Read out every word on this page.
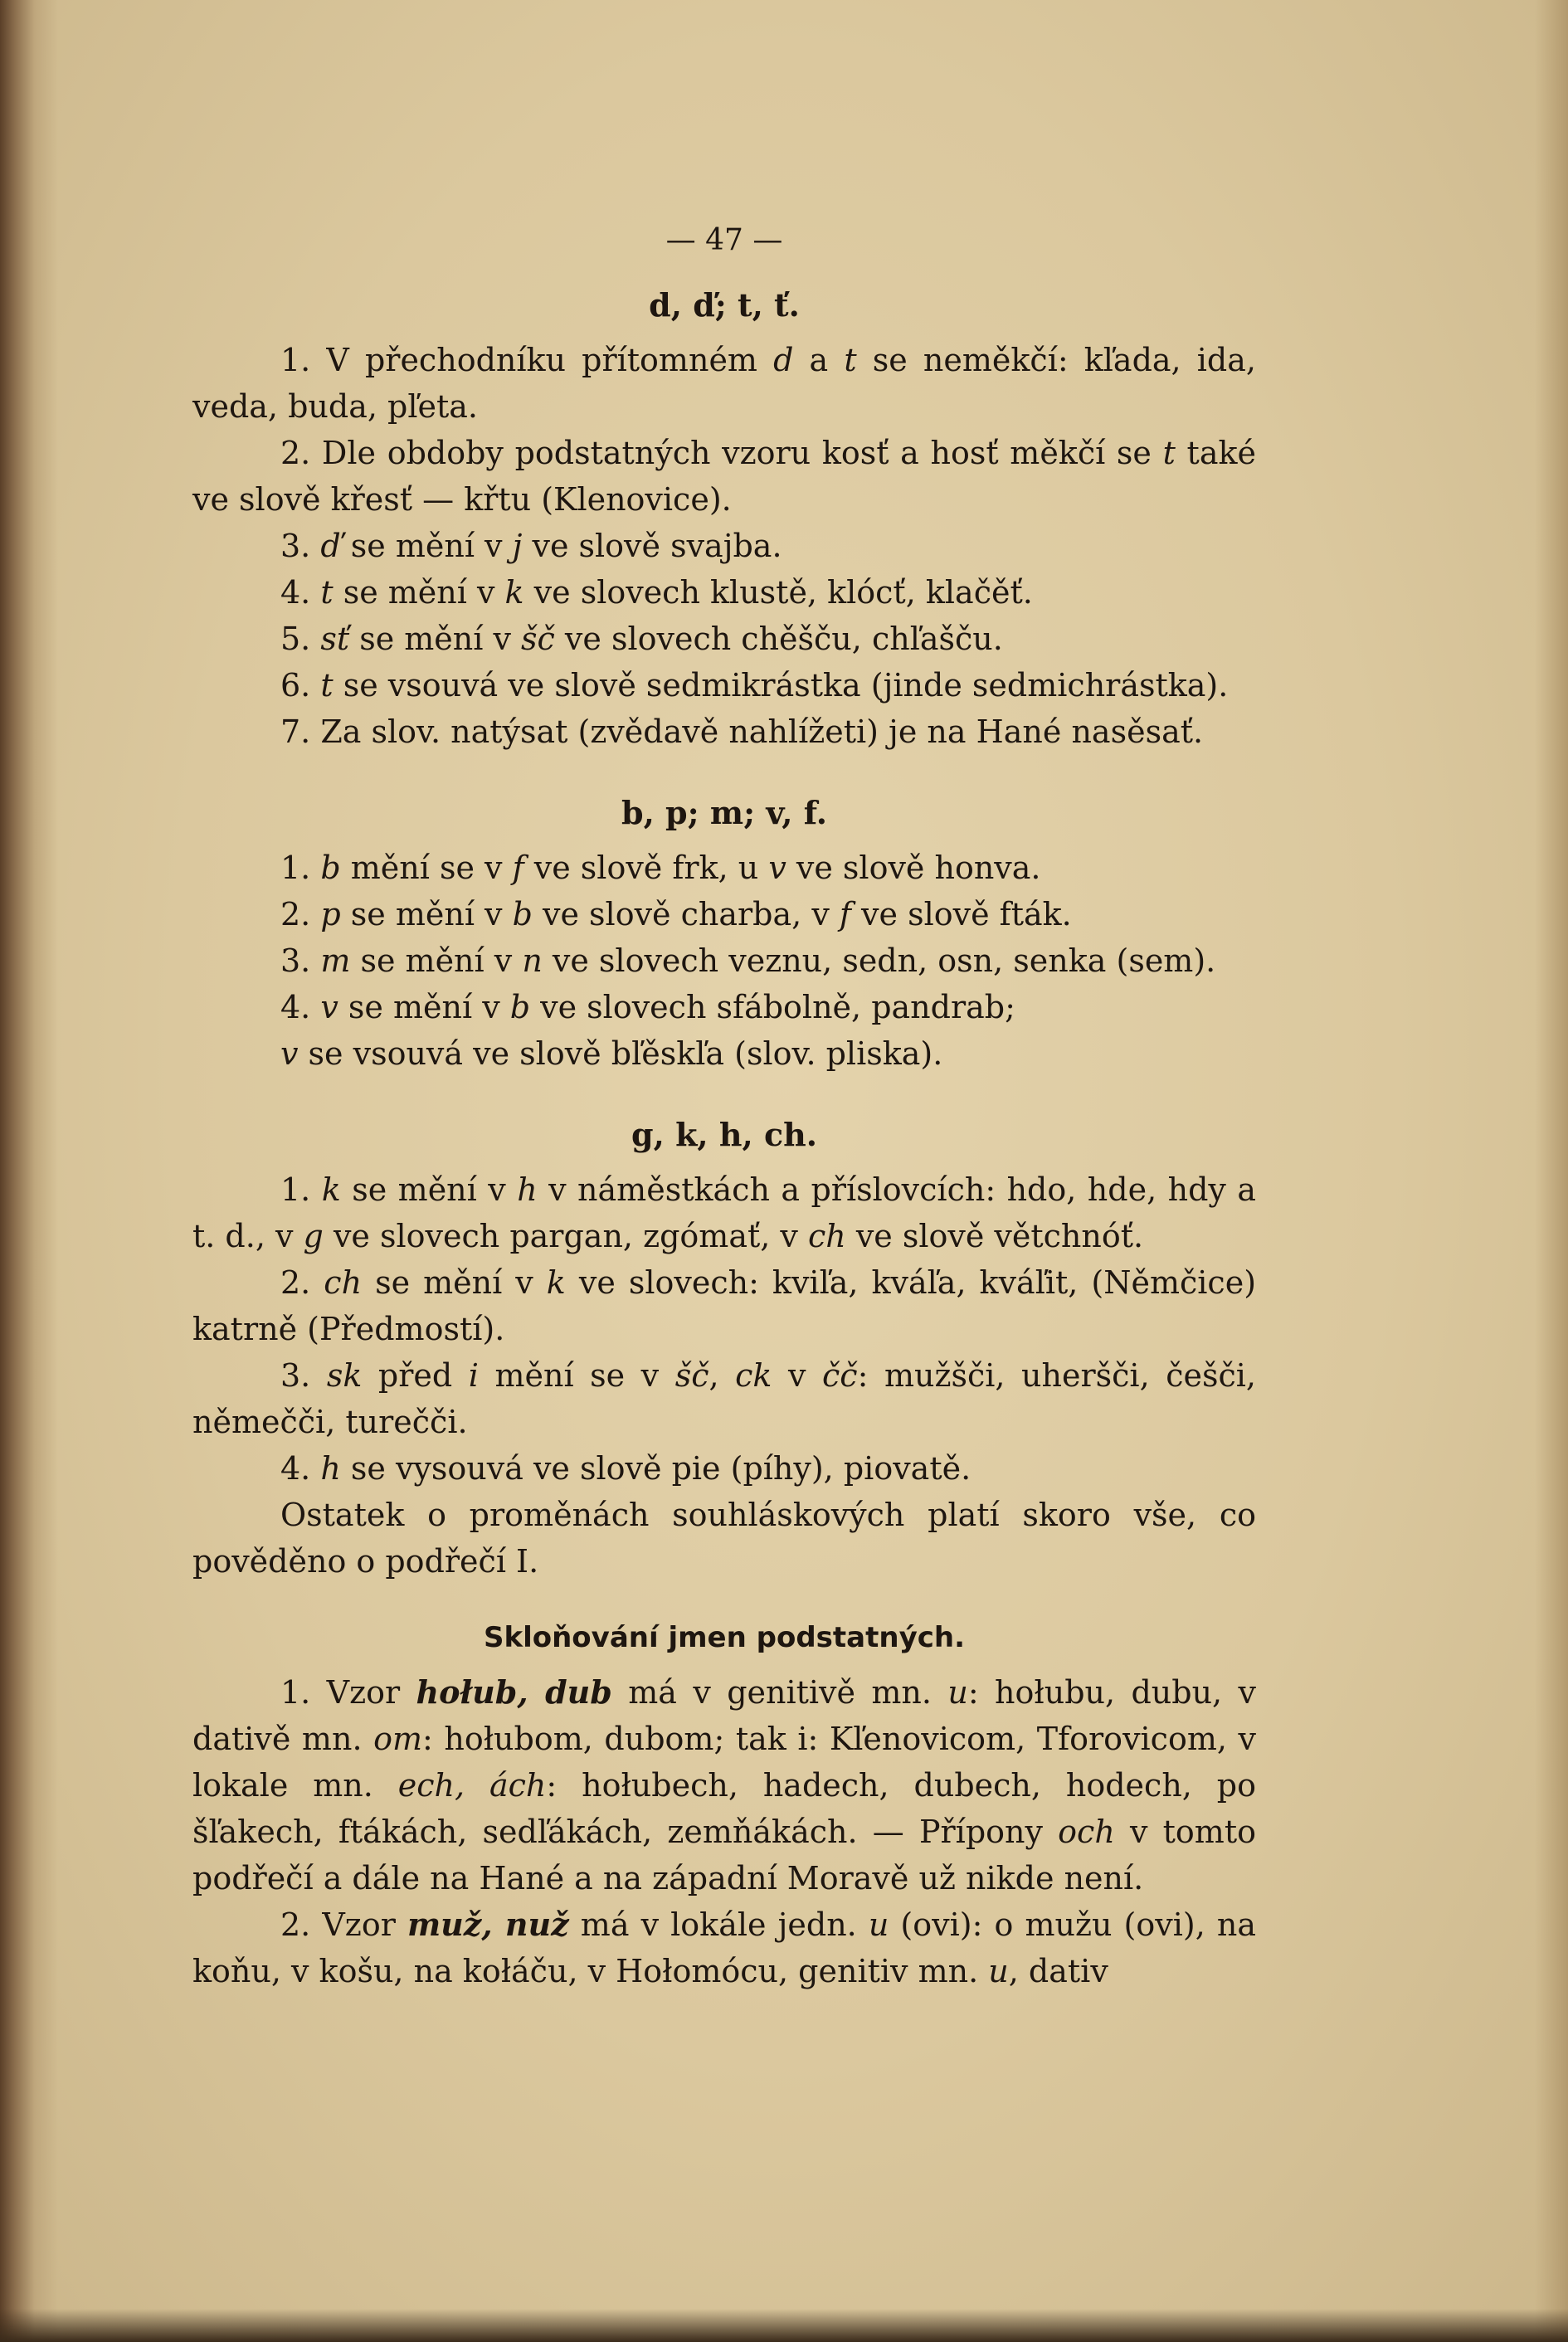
— 47 —
d, ď; t, ť.

1. V přechodníku přítomném d a t se neměkčí: kľada, ida, veda, buda, pľeta.

2. Dle obdoby podstatných vzoru kosť a hosť měkčí se t také ve slově křesť — křtu (Klenovice).

3. ď se mění v j ve slově svajba.

4. t se mění v k ve slovech klustě, klócť, klačěť.

5. sť se mění v šč ve slovech chěšču, chľašču.

6. t se vsouvá ve slově sedmikrástka (jinde sedmichrástka).

7. Za slov. natýsat (zvědavě nahlížeti) je na Hané nasěsať.

b, p; m; v, f.

1. b mění se v f ve slově frk, u v ve slově honva.

2. p se mění v b ve slově charba, v f ve slově fták.

3. m se mění v n ve slovech veznu, sedn, osn, senka (sem).

4. v se mění v b ve slovech sfábolně, pandrab;

v se vsouvá ve slově bľěskľa (slov. pliska).

g, k, h, ch.

1. k se mění v h v náměstkách a příslovcích: hdo, hde, hdy a t. d., v g ve slovech pargan, zgómať, v ch ve slově větchnóť.

2. ch se mění v k ve slovech: kviľa, kváľa, kváľit, (Němčice) katrně (Předmostí).

3. sk před i mění se v šč, ck v čč: mužšči, uheršči, češči, němečči, turečči.

4. h se vysouvá ve slově pie (píhy), piovatě.

Ostatek o proměnách souhláskových platí skoro vše, co pověděno o podřečí I.

Skloňování jmen podstatných.

1. Vzor hołub, dub má v genitivě mn. u: hołubu, dubu, v dativě mn. om: hołubom, dubom; tak i: Kľenovicom, Tforovicom, v lokale mn. ech, ách: hołubech, hadech, dubech, hodech, po šľakech, ftákách, sedľákách, zemňákách. — Přípony och v tomto podřečí a dále na Hané a na západní Moravě už nikde není.

2. Vzor muž, nuž má v lokále jedn. u (ovi): o mužu (ovi), na koňu, v košu, na kołáču, v Hołomócu, genitiv mn. u, dativ
